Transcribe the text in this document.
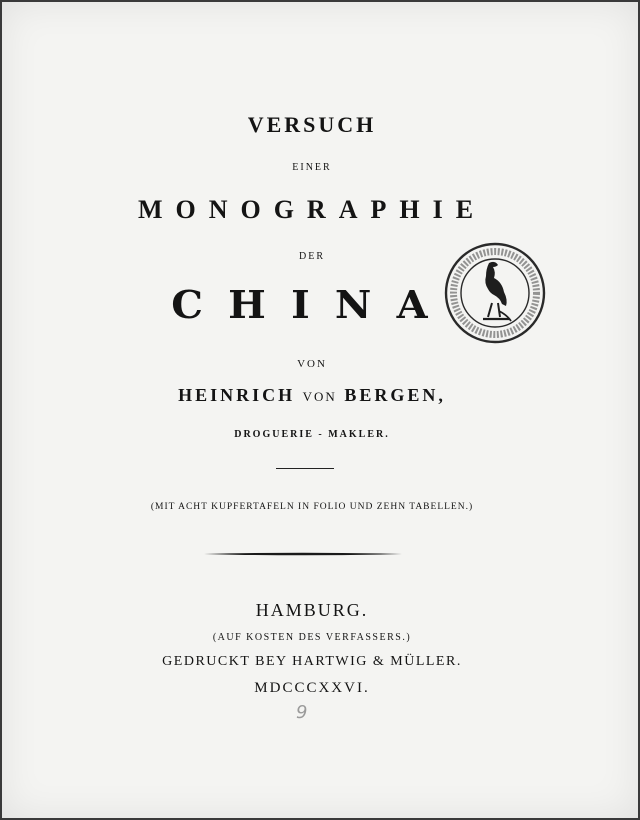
VERSUCH
EINER
MONOGRAPHIE
DER
CHINA
VON
HEINRICH VON BERGEN,
DROGUERIE - MAKLER.
(MIT ACHT KUPFERTAFELN IN FOLIO UND ZEHN TABELLEN.)
HAMBURG.
(AUF KOSTEN DES VERFASSERS.)
GEDRUCKT BEY HARTWIG & MÜLLER.
MDCCCXXVI.
9
